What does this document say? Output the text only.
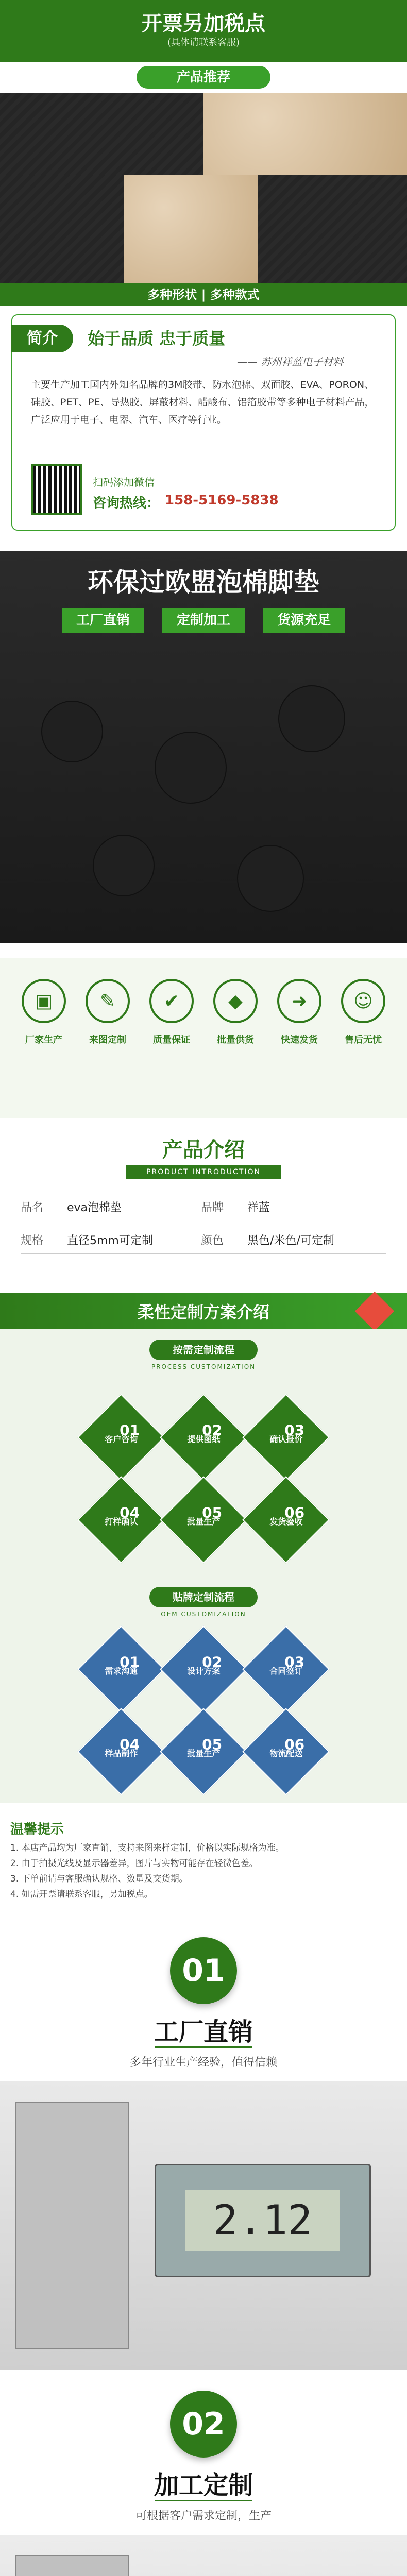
开票另加税点
(具体请联系客服)
产品推荐
多种形状 | 多种款式
简介	始于品质 忠于质量
—— 苏州祥蓝电子材料
主要生产加工国内外知名品牌的3M胶带、防水泡棉、双面胶、EVA、PORON、硅胶、PET、PE、导热胶、屏蔽材料、醋酸布、铝箔胶带等多种电子材料产品，广泛应用于电子、电器、汽车、医疗等行业。
扫码添加微信
咨询热线： 158-5169-5838
环保过欧盟泡棉脚垫
工厂直销	定制加工	货源充足
▣
厂家生产
✎
来图定制
✔
质量保证
◆
批量供货
➜
快速发货
☺
售后无忧
产品介绍
PRODUCT INTRODUCTION
品名	eva泡棉垫	品牌	祥蓝
规格	直径5mm可定制	颜色	黑色/米色/可定制
柔性定制方案介绍
按需定制流程
PROCESS CUSTOMIZATION
01
客户咨询
02
提供图纸
03
确认报价
04
打样确认
05
批量生产
06
发货验收
贴牌定制流程
OEM CUSTOMIZATION
01
需求沟通
02
设计方案
03
合同签订
04
样品制作
05
批量生产
06
物流配送
温馨提示
1. 本店产品均为厂家直销，支持来图来样定制，价格以实际规格为准。
2. 由于拍摄光线及显示器差异，图片与实物可能存在轻微色差。
3. 下单前请与客服确认规格、数量及交货期。
4. 如需开票请联系客服，另加税点。
01
工厂直销
多年行业生产经验，值得信赖
2.12
02
加工定制
可根据客户需求定制，生产
